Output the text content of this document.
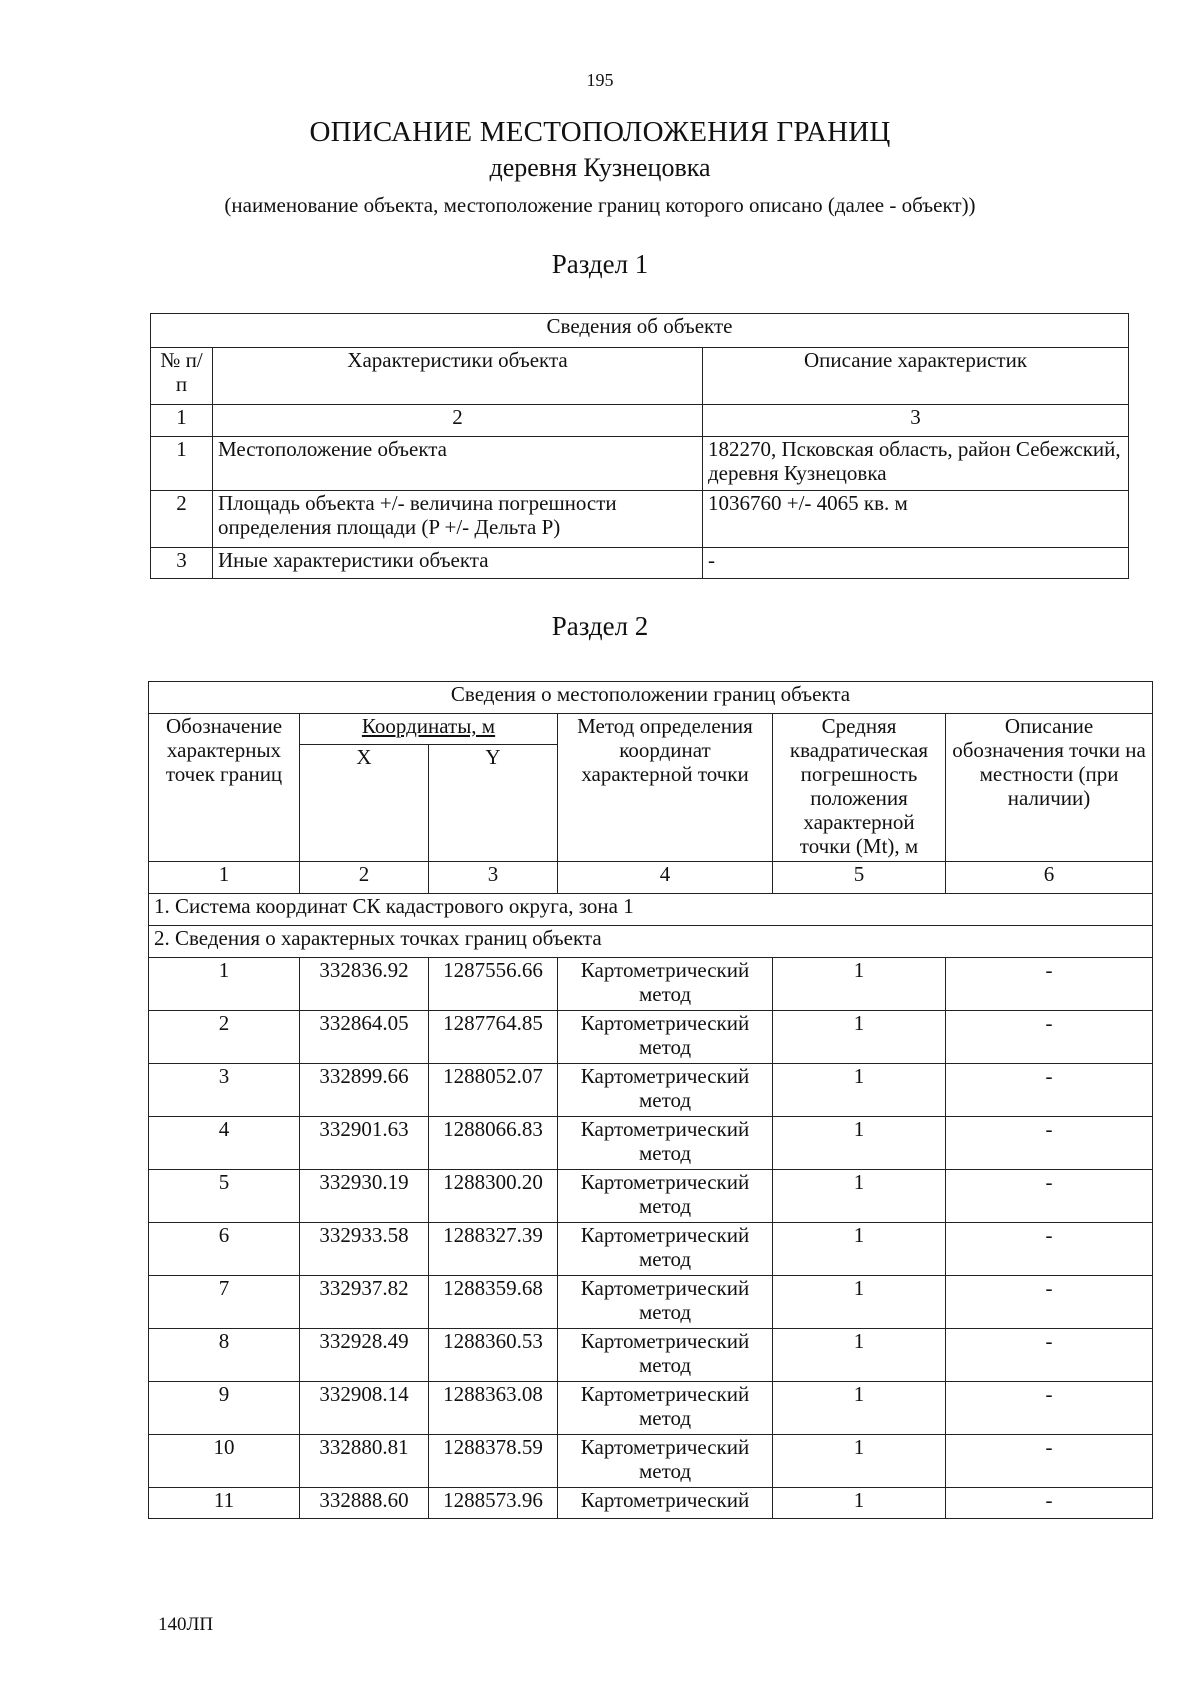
195
ОПИСАНИЕ МЕСТОПОЛОЖЕНИЯ ГРАНИЦ
деревня Кузнецовка
(наименование объекта, местоположение границ которого описано (далее - объект))
Раздел 1
Сведения об объекте		
№ п/п	Характеристики объекта	Описание характеристик
1	2	3
1	Местоположение объекта	182270, Псковская область, район Себежский, деревня Кузнецовка
2	Площадь объекта +/- величина погрешности определения площади (P +/- Дельта P)	1036760 +/- 4065 кв. м
3	Иные характеристики объекта	-
Раздел 2
Сведения о местоположении границ объекта					
Обозначение характерных точек границ	Координаты, м		Метод определения координат характерной точки	Средняя квадратическая погрешность положения характерной точки (Mt), м	Описание обозначения точки на местности (при наличии)
	X	Y			
1	2	3	4	5	6
1. Система координат СК кадастрового округа, зона 1					
2. Сведения о характерных точках границ объекта					
1	332836.92	1287556.66	Картометрический метод	1	-
2	332864.05	1287764.85	Картометрический метод	1	-
3	332899.66	1288052.07	Картометрический метод	1	-
4	332901.63	1288066.83	Картометрический метод	1	-
5	332930.19	1288300.20	Картометрический метод	1	-
6	332933.58	1288327.39	Картометрический метод	1	-
7	332937.82	1288359.68	Картометрический метод	1	-
8	332928.49	1288360.53	Картометрический метод	1	-
9	332908.14	1288363.08	Картометрический метод	1	-
10	332880.81	1288378.59	Картометрический метод	1	-
11	332888.60	1288573.96	Картометрический	1	-
140ЛП
